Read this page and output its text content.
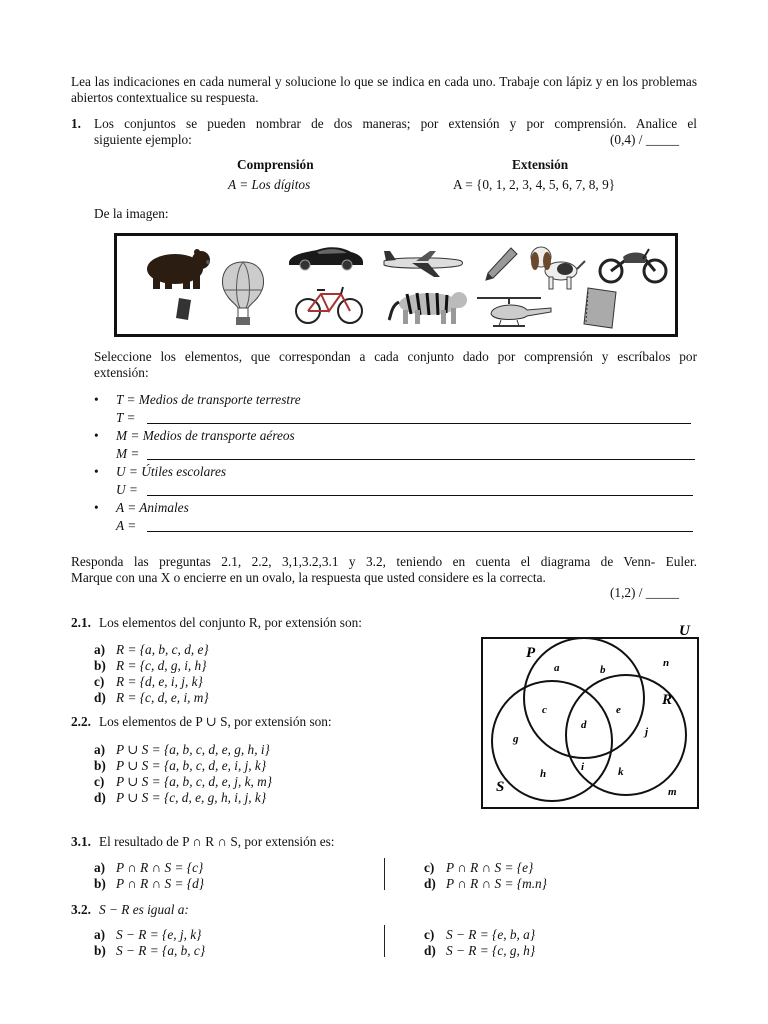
Lea las indicaciones en cada numeral y solucione lo que se indica en cada uno. Trabaje con lápiz y en los problemas abiertos contextualice su respuesta.
1. Los conjuntos se pueden nombrar de dos maneras; por extensión y por comprensión. Analice el
siguiente ejemplo:	(0,4) / _____
Comprensión
A = Los dígitos
Extensión
A = {0, 1, 2, 3, 4, 5, 6, 7, 8, 9}
De la imagen:
Seleccione los elementos, que correspondan a cada conjunto dado por comprensión y escríbalos por
extensión:
• T = Medios de transporte terrestre
T =
• M = Medios de transporte aéreos
M =
• U = Útiles escolares
U =
• A = Animales
A =
Responda las preguntas 2.1, 2.2, 3,1,3.2,3.1 y 3.2, teniendo en cuenta el diagrama de Venn- Euler.
Marque con una X o encierre en un ovalo, la respuesta que usted considere es la correcta.
(1,2) / _____
2.1. Los elementos del conjunto R, por extensión son:
a) R = {a, b, c, d, e}
b) R = {c, d, g, i, h}
c) R = {d, e, i, j, k}
d) R = {c, d, e, i, m}
2.2. Los elementos de P ∪ S, por extensión son:
a) P ∪ S = {a, b, c, d, e, g, h, i}
b) P ∪ S = {a, b, c, d, e, i, j, k}
c) P ∪ S = {a, b, c, d, e, j, k, m}
d) P ∪ S = {c, d, e, g, h, i, j, k}
U
P
R
S
a	b
c
d
e
g
h
i
j
k
m
n
3.1. El resultado de P ∩ R ∩ S, por extensión es:
a) P ∩ R ∩ S = {c}
b) P ∩ R ∩ S = {d}
c) P ∩ R ∩ S = {e}
d) P ∩ R ∩ S = {m.n}
3.2. S − R es igual a:
a) S − R = {e, j, k}
b) S − R = {a, b, c}
c) S − R = {e, b, a}
d) S − R = {c, g, h}
